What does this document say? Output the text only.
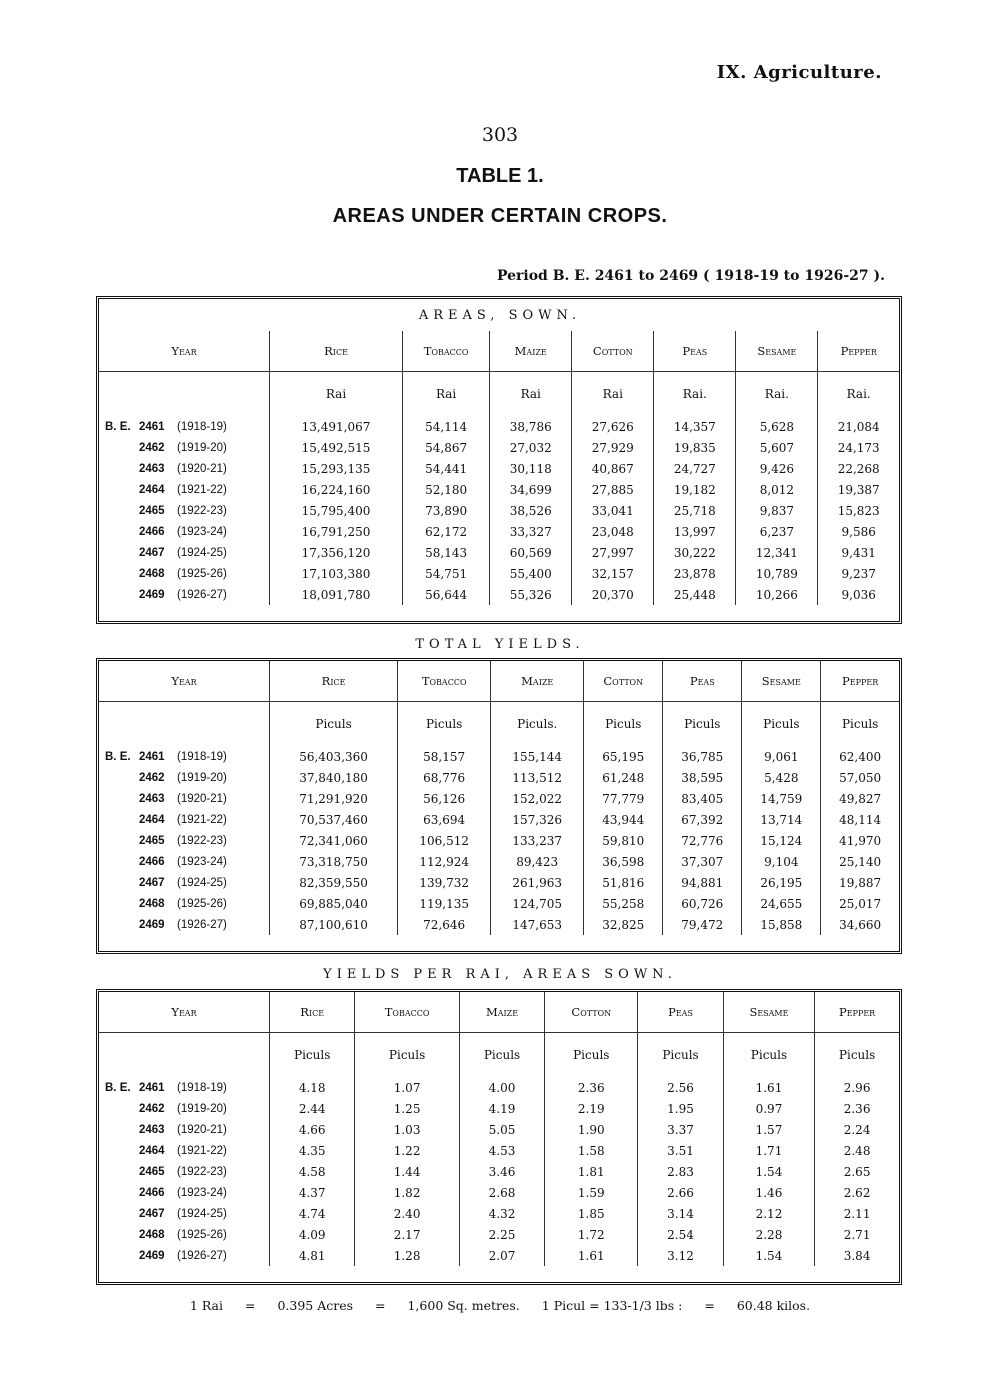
IX. Agriculture.
303
TABLE 1.
AREAS UNDER CERTAIN CROPS.
Period B. E. 2461 to 2469 ( 1918-19 to 1926-27 ).
AREAS, SOWN.
Year	Rice	Tobacco	Maize	Cotton	Peas	Sesame	Pepper
	Rai	Rai	Rai	Rai	Rai.	Rai.	Rai.
B. E. 2461 (1918-19)	13,491,067	54,114	38,786	27,626	14,357	5,628	21,084
2462 (1919-20)	15,492,515	54,867	27,032	27,929	19,835	5,607	24,173
2463 (1920-21)	15,293,135	54,441	30,118	40,867	24,727	9,426	22,268
2464 (1921-22)	16,224,160	52,180	34,699	27,885	19,182	8,012	19,387
2465 (1922-23)	15,795,400	73,890	38,526	33,041	25,718	9,837	15,823
2466 (1923-24)	16,791,250	62,172	33,327	23,048	13,997	6,237	9,586
2467 (1924-25)	17,356,120	58,143	60,569	27,997	30,222	12,341	9,431
2468 (1925-26)	17,103,380	54,751	55,400	32,157	23,878	10,789	9,237
2469 (1926-27)	18,091,780	56,644	55,326	20,370	25,448	10,266	9,036
TOTAL YIELDS.
Year	Rice	Tobacco	Maize	Cotton	Peas	Sesame	Pepper
	Piculs	Piculs	Piculs.	Piculs	Piculs	Piculs	Piculs
B. E. 2461 (1918-19)	56,403,360	58,157	155,144	65,195	36,785	9,061	62,400
2462 (1919-20)	37,840,180	68,776	113,512	61,248	38,595	5,428	57,050
2463 (1920-21)	71,291,920	56,126	152,022	77,779	83,405	14,759	49,827
2464 (1921-22)	70,537,460	63,694	157,326	43,944	67,392	13,714	48,114
2465 (1922-23)	72,341,060	106,512	133,237	59,810	72,776	15,124	41,970
2466 (1923-24)	73,318,750	112,924	89,423	36,598	37,307	9,104	25,140
2467 (1924-25)	82,359,550	139,732	261,963	51,816	94,881	26,195	19,887
2468 (1925-26)	69,885,040	119,135	124,705	55,258	60,726	24,655	25,017
2469 (1926-27)	87,100,610	72,646	147,653	32,825	79,472	15,858	34,660
YIELDS PER RAI, AREAS SOWN.
Year	Rice	Tobacco	Maize	Cotton	Peas	Sesame	Pepper
	Piculs	Piculs	Piculs	Piculs	Piculs	Piculs	Piculs
B. E. 2461 (1918-19)	4.18	1.07	4.00	2.36	2.56	1.61	2.96
2462 (1919-20)	2.44	1.25	4.19	2.19	1.95	0.97	2.36
2463 (1920-21)	4.66	1.03	5.05	1.90	3.37	1.57	2.24
2464 (1921-22)	4.35	1.22	4.53	1.58	3.51	1.71	2.48
2465 (1922-23)	4.58	1.44	3.46	1.81	2.83	1.54	2.65
2466 (1923-24)	4.37	1.82	2.68	1.59	2.66	1.46	2.62
2467 (1924-25)	4.74	2.40	4.32	1.85	3.14	2.12	2.11
2468 (1925-26)	4.09	2.17	2.25	1.72	2.54	2.28	2.71
2469 (1926-27)	4.81	1.28	2.07	1.61	3.12	1.54	3.84
1 Rai = 0.395 Acres = 1,600 Sq. metres. 1 Picul = 133-1/3 lbs : = 60.48 kilos.
